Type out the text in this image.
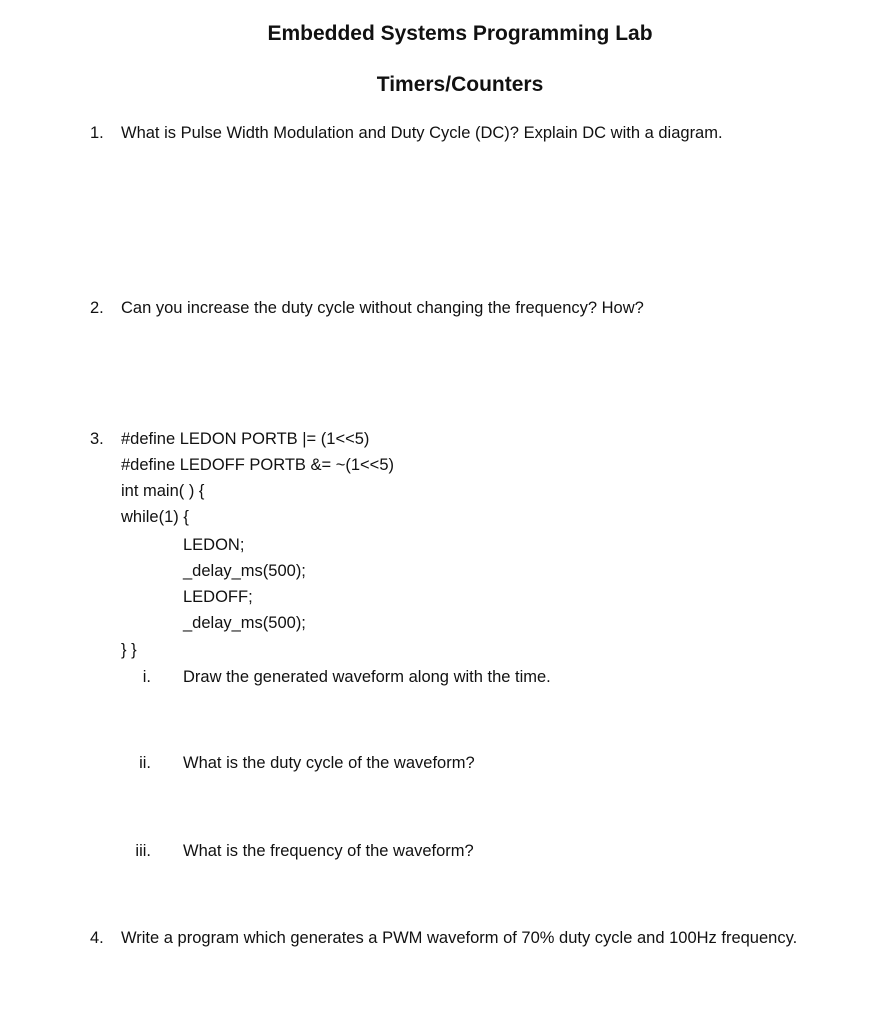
Embedded Systems Programming Lab
Timers/Counters
1. What is Pulse Width Modulation and Duty Cycle (DC)? Explain DC with a diagram.
2. Can you increase the duty cycle without changing the frequency? How?
3. #define LEDON PORTB |= (1<<5)
#define LEDOFF PORTB &= ~(1<<5)
int main( ) {
while(1) {
LEDON;
_delay_ms(500);
LEDOFF;
_delay_ms(500);
} }
i. Draw the generated waveform along with the time.
ii. What is the duty cycle of the waveform?
iii. What is the frequency of the waveform?
4. Write a program which generates a PWM waveform of 70% duty cycle and 100Hz frequency.
